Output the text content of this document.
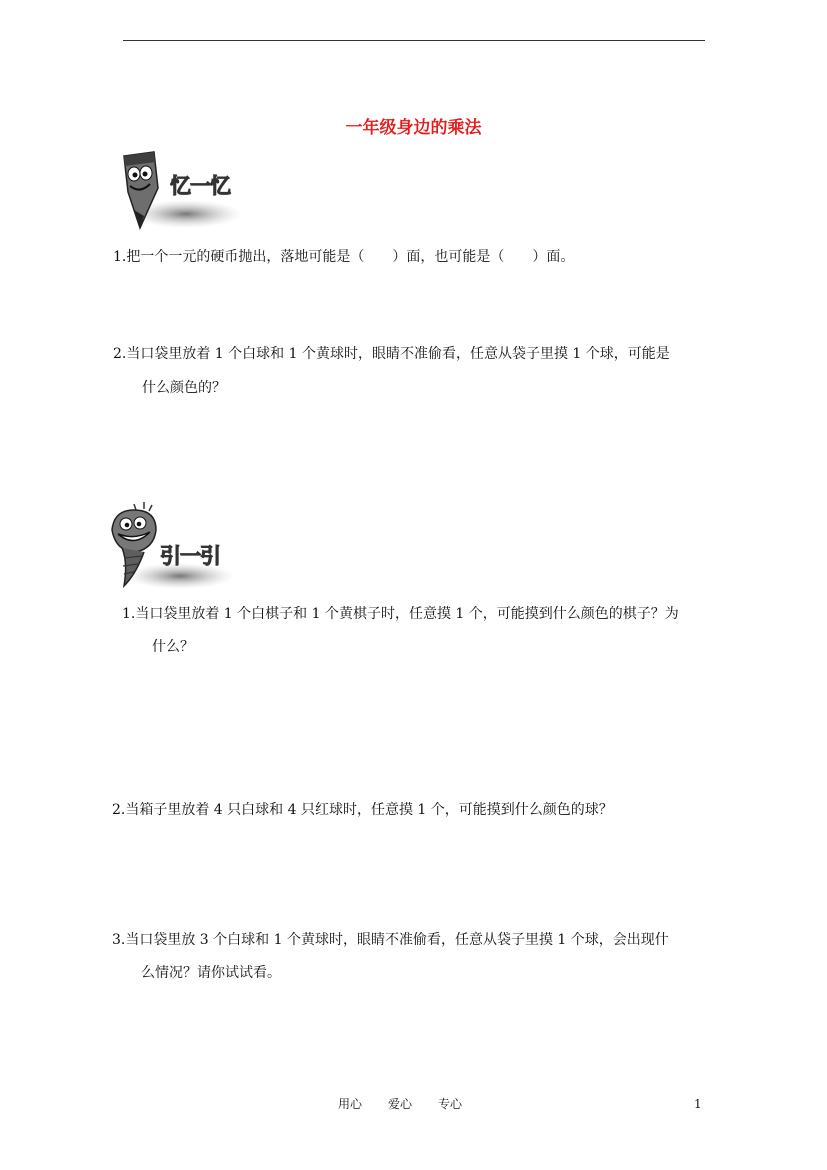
一年级身边的乘法
忆一忆
1.把一个一元的硬币抛出，落地可能是（　　）面，也可能是（　　）面。
2.当口袋里放着 1 个白球和 1 个黄球时，眼睛不准偷看，任意从袋子里摸 1 个球，可能是
什么颜色的？
引一引
1.当口袋里放着 1 个白棋子和 1 个黄棋子时，任意摸 1 个，可能摸到什么颜色的棋子？为
什么？
2.当箱子里放着 4 只白球和 4 只红球时，任意摸 1 个，可能摸到什么颜色的球？
3.当口袋里放 3 个白球和 1 个黄球时，眼睛不准偷看，任意从袋子里摸 1 个球，会出现什
么情况？请你试试看。
用心 爱心 专心	1
